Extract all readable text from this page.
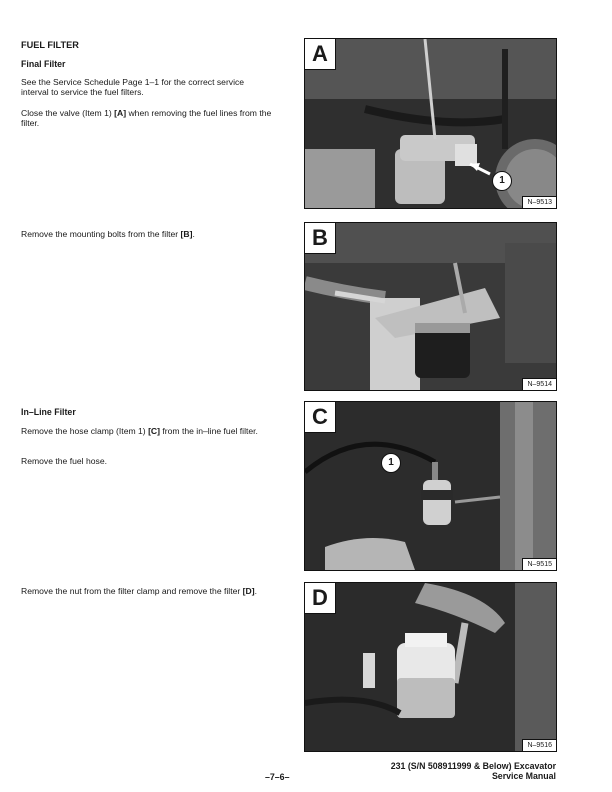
FUEL FILTER
Final Filter
See the Service Schedule Page 1–1 for the correct service interval to service the fuel filters.
Close the valve (Item 1) [A] when removing the fuel lines from the filter.
Remove the mounting bolts from the filter [B].
In–Line Filter
Remove the hose clamp (Item 1) [C] from the in–line fuel filter.
Remove the fuel hose.
Remove the nut from the filter clamp and remove the filter [D].
A
1
N–9513
B
N–9514
C
1
N–9515
D
N–9516
–7–6–
231 (S/N 508911999 & Below) Excavator
Service Manual
